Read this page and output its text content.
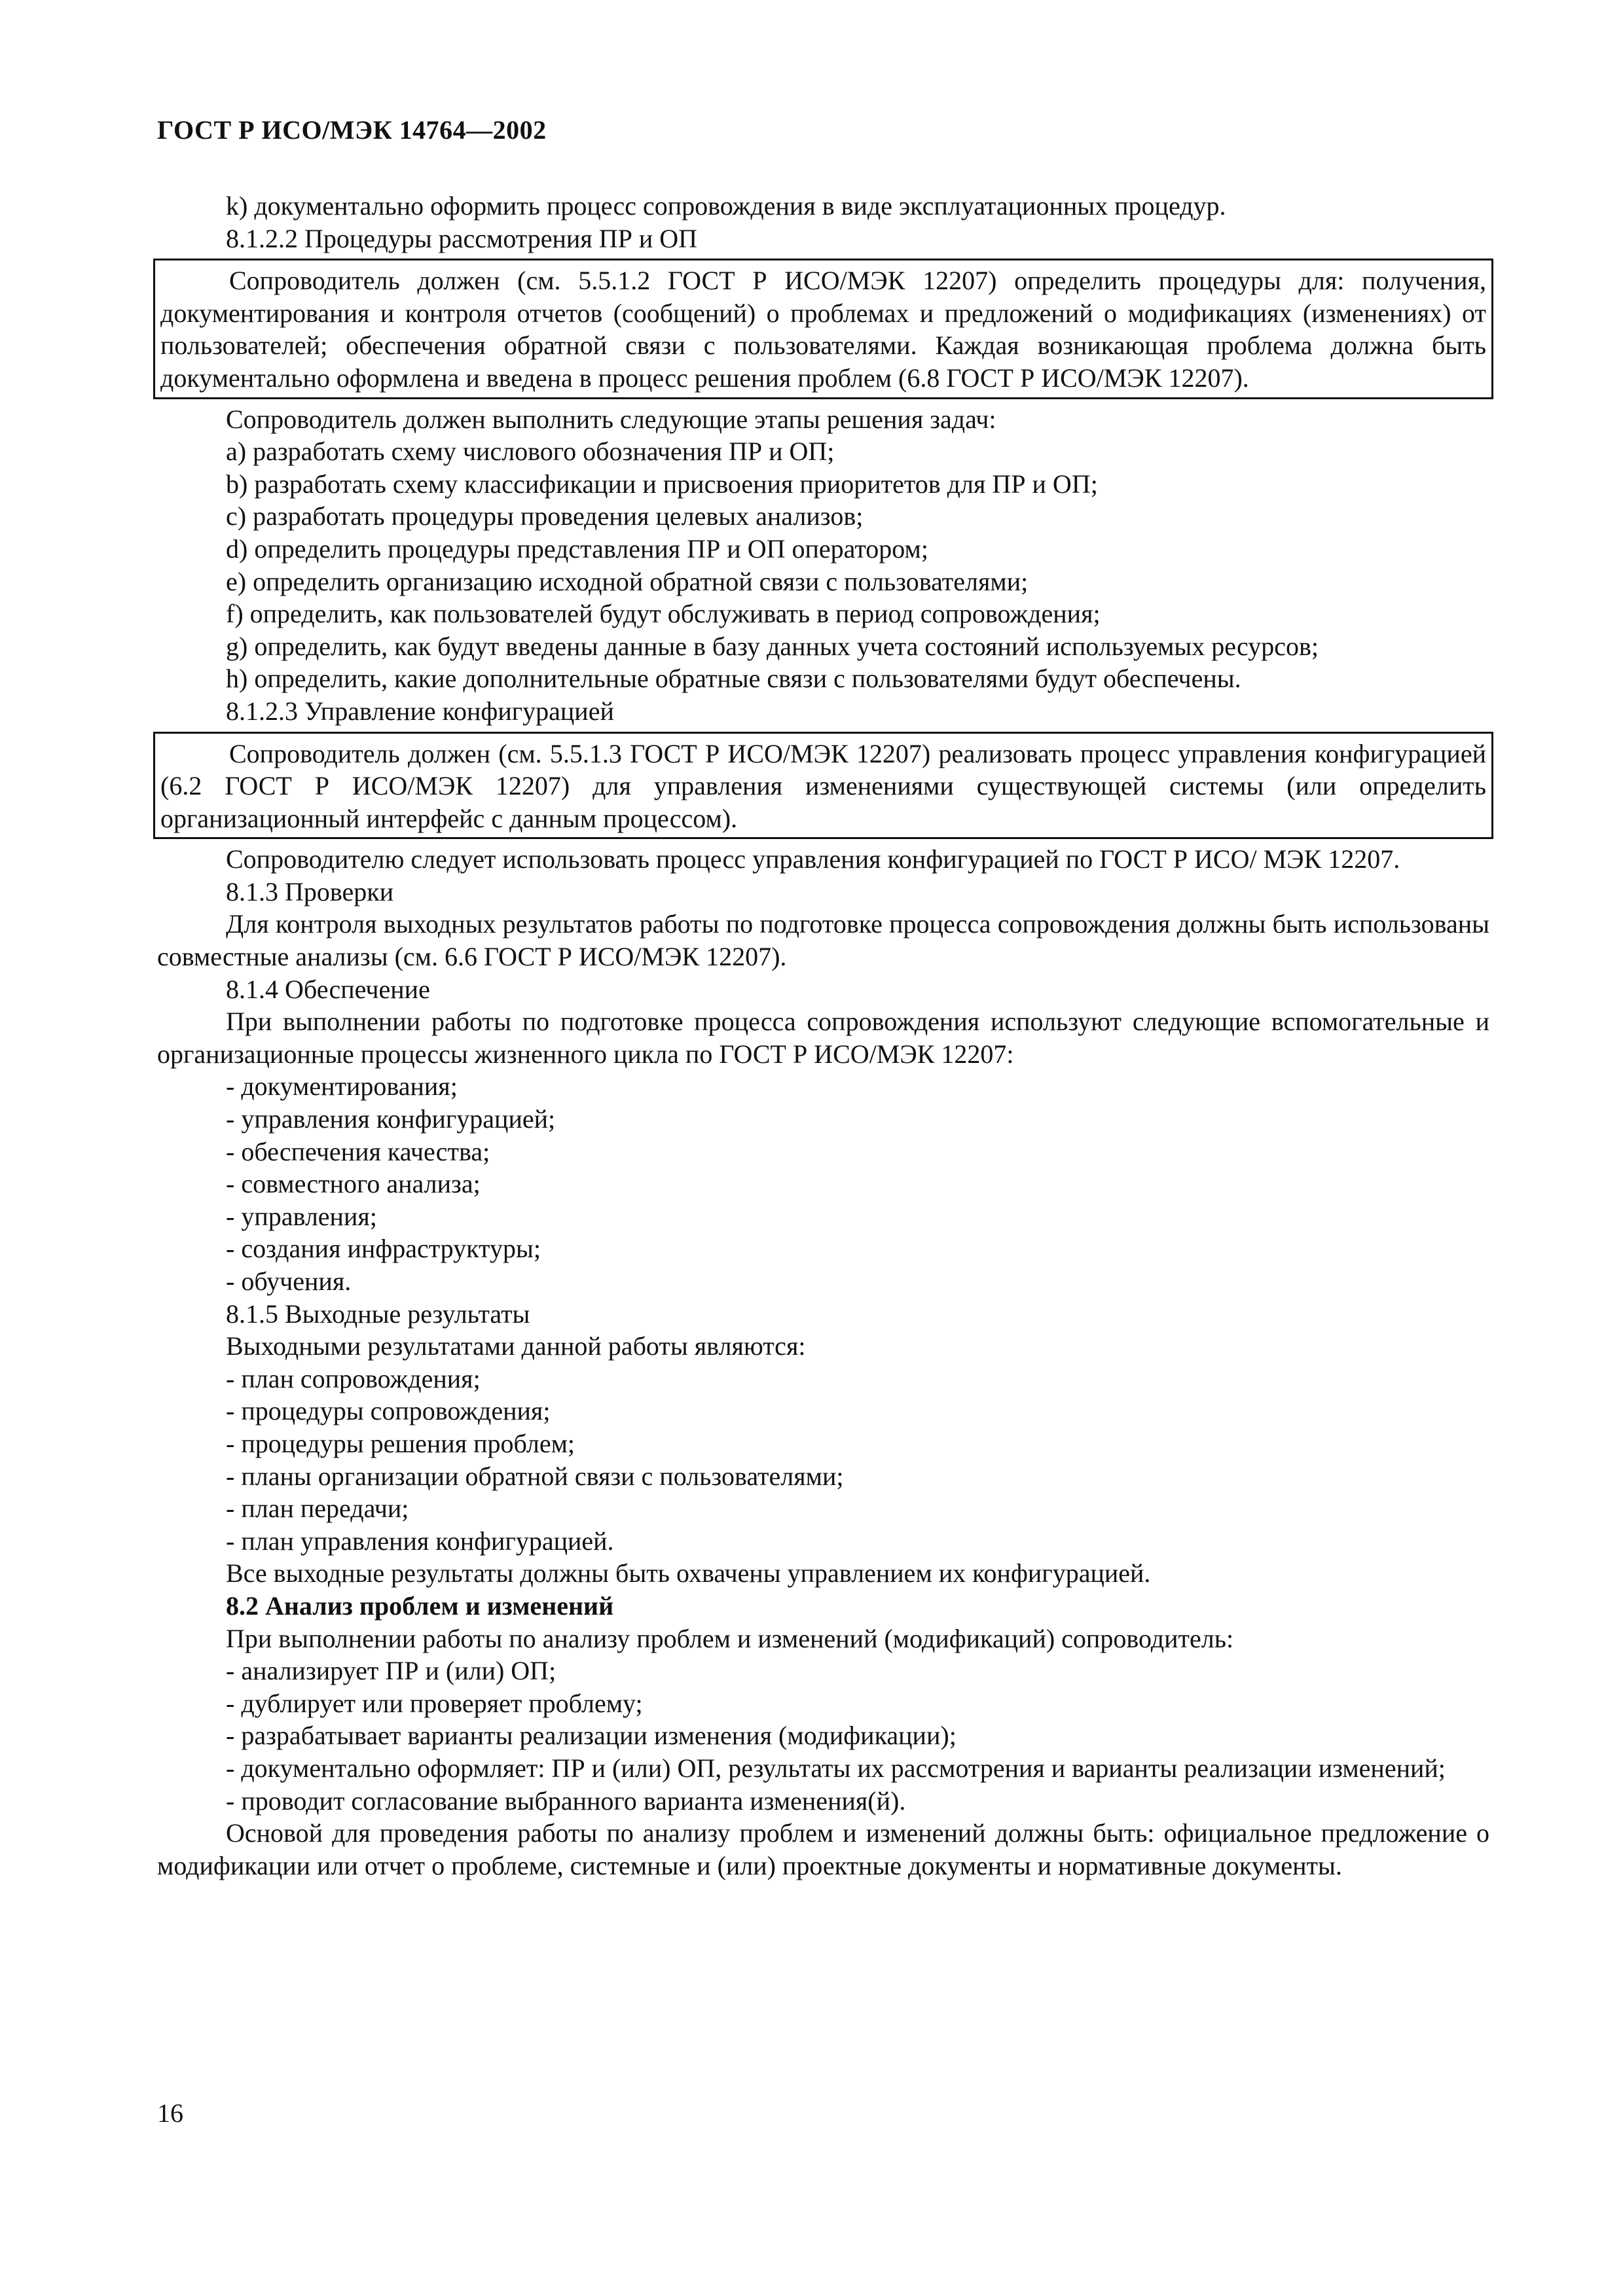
ГОСТ Р ИСО/МЭК 14764—2002

k) документально оформить процесс сопровождения в виде эксплуатационных процедур.

8.1.2.2 Процедуры рассмотрения ПР и ОП

Сопроводитель должен (см. 5.5.1.2 ГОСТ Р ИСО/МЭК 12207) определить процедуры для: получения, документирования и контроля отчетов (сообщений) о проблемах и предложений о модификациях (изменениях) от пользователей; обеспечения обратной связи с пользователями. Каждая возникающая проблема должна быть документально оформлена и введена в процесс решения проблем (6.8 ГОСТ Р ИСО/МЭК 12207).

Сопроводитель должен выполнить следующие этапы решения задач:

a) разработать схему числового обозначения ПР и ОП;

b) разработать схему классификации и присвоения приоритетов для ПР и ОП;

c) разработать процедуры проведения целевых анализов;

d) определить процедуры представления ПР и ОП оператором;

e) определить организацию исходной обратной связи с пользователями;

f) определить, как пользователей будут обслуживать в период сопровождения;

g) определить, как будут введены данные в базу данных учета состояний используемых ресурсов;

h) определить, какие дополнительные обратные связи с пользователями будут обеспечены.

8.1.2.3 Управление конфигурацией

Сопроводитель должен (см. 5.5.1.3 ГОСТ Р ИСО/МЭК 12207) реализовать процесс управления конфигурацией (6.2 ГОСТ Р ИСО/МЭК 12207) для управления изменениями существующей системы (или определить организационный интерфейс с данным процессом).

Сопроводителю следует использовать процесс управления конфигурацией по ГОСТ Р ИСО/ МЭК 12207.

8.1.3 Проверки

Для контроля выходных результатов работы по подготовке процесса сопровождения должны быть использованы совместные анализы (см. 6.6 ГОСТ Р ИСО/МЭК 12207).

8.1.4 Обеспечение

При выполнении работы по подготовке процесса сопровождения используют следующие вспомогательные и организационные процессы жизненного цикла по ГОСТ Р ИСО/МЭК 12207:

- документирования;

- управления конфигурацией;

- обеспечения качества;

- совместного анализа;

- управления;

- создания инфраструктуры;

- обучения.

8.1.5 Выходные результаты

Выходными результатами данной работы являются:

- план сопровождения;

- процедуры сопровождения;

- процедуры решения проблем;

- планы организации обратной связи с пользователями;

- план передачи;

- план управления конфигурацией.

Все выходные результаты должны быть охвачены управлением их конфигурацией.

8.2 Анализ проблем и изменений

При выполнении работы по анализу проблем и изменений (модификаций) сопроводитель:

- анализирует ПР и (или) ОП;

- дублирует или проверяет проблему;

- разрабатывает варианты реализации изменения (модификации);

- документально оформляет: ПР и (или) ОП, результаты их рассмотрения и варианты реализации изменений;

- проводит согласование выбранного варианта изменения(й).

Основой для проведения работы по анализу проблем и изменений должны быть: официальное предложение о модификации или отчет о проблеме, системные и (или) проектные документы и нормативные документы.

16
